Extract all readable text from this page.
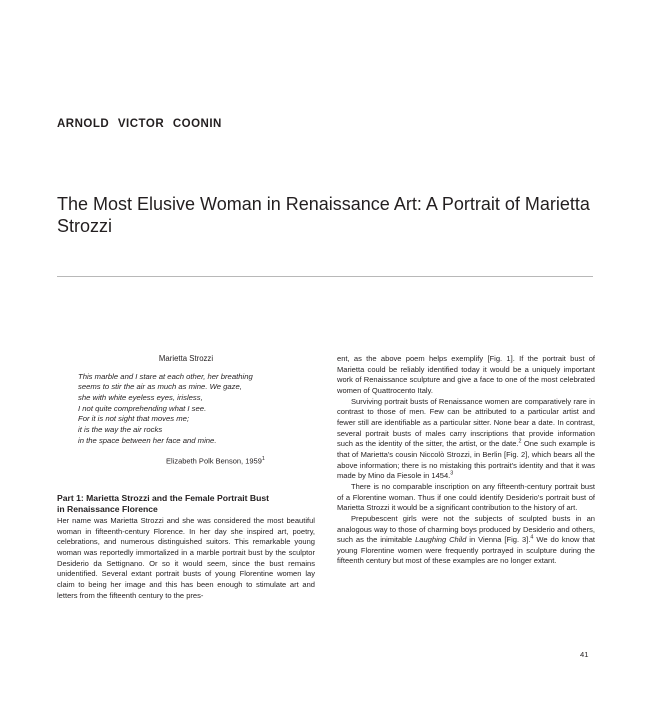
ARNOLD VICTOR COONIN
The Most Elusive Woman in Renaissance Art: A Portrait of Marietta Strozzi
Marietta Strozzi
This marble and I stare at each other, her breathing
seems to stir the air as much as mine. We gaze,
she with white eyeless eyes, irisless,
I not quite comprehending what I see.
For it is not sight that moves me;
it is the way the air rocks
in the space between her face and mine.
Elizabeth Polk Benson, 1959$^1$
Part 1: Marietta Strozzi and the Female Portrait Bust
in Renaissance Florence

Her name was Marietta Strozzi and she was considered the most beautiful woman in fifteenth-century Florence. In her day she inspired art, poetry, celebrations, and numerous distinguished suitors. This remarkable young woman was reportedly immortalized in a marble portrait bust by the sculptor Desiderio da Settignano. Or so it would seem, since the bust remains unidentified. Several extant portrait busts of young Florentine women lay claim to being her image and this has been enough to stimulate art and letters from the fifteenth century to the pres-

ent, as the above poem helps exemplify [Fig. 1]. If the portrait bust of Marietta could be reliably identified today it would be a uniquely important work of Renaissance sculpture and give a face to one of the most celebrated women of Quattrocento Italy.

Surviving portrait busts of Renaissance women are comparatively rare in contrast to those of men. Few can be attributed to a particular artist and fewer still are identifiable as a particular sitter. None bear a date. In contrast, several portrait busts of males carry inscriptions that provide information such as the identity of the sitter, the artist, or the date.$^2$ One such example is that of Marietta's cousin Niccolò Strozzi, in Berlin [Fig. 2], which bears all the above information; there is no mistaking this portrait's identity and that it was made by Mino da Fiesole in 1454.$^3$

There is no comparable inscription on any fifteenth-century portrait bust of a Florentine woman. Thus if one could identify Desiderio's portrait bust of Marietta Strozzi it would be a significant contribution to the history of art.

Prepubescent girls were not the subjects of sculpted busts in an analogous way to those of charming boys produced by Desiderio and others, such as the inimitable Laughing Child in Vienna [Fig. 3].$^4$ We do know that young Florentine women were frequently portrayed in sculpture during the fifteenth century but most of these examples are no longer extant.

41
